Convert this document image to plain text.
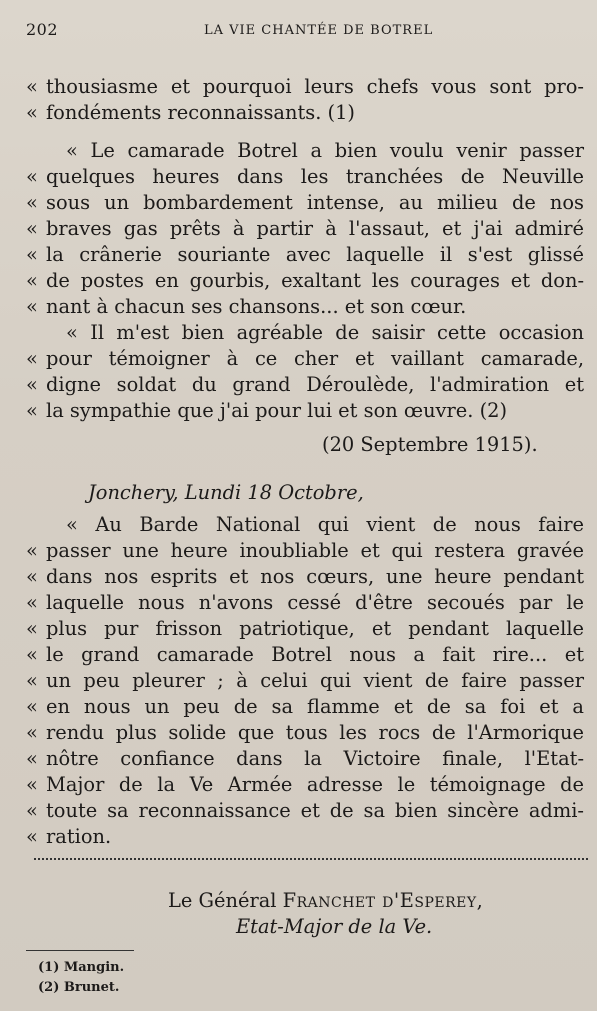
202	LA VIE CHANTÉE DE BOTREL
« thousiasme et pourquoi leurs chefs vous sont pro-
« fondéments reconnaissants. (1)
« Le camarade Botrel a bien voulu venir passer
« quelques heures dans les tranchées de Neuville
« sous un bombardement intense, au milieu de nos
« braves gas prêts à partir à l'assaut, et j'ai admiré
« la crânerie souriante avec laquelle il s'est glissé
« de postes en gourbis, exaltant les courages et don-
« nant à chacun ses chansons... et son cœur.
« Il m'est bien agréable de saisir cette occasion
« pour témoigner à ce cher et vaillant camarade,
« digne soldat du grand Déroulède, l'admiration et
« la sympathie que j'ai pour lui et son œuvre. (2)
(20 Septembre 1915).
Jonchery, Lundi 18 Octobre,
« Au Barde National qui vient de nous faire
« passer une heure inoubliable et qui restera gravée
« dans nos esprits et nos cœurs, une heure pendant
« laquelle nous n'avons cessé d'être secoués par le
« plus pur frisson patriotique, et pendant laquelle
« le grand camarade Botrel nous a fait rire... et
« un peu pleurer ; à celui qui vient de faire passer
« en nous un peu de sa flamme et de sa foi et a
« rendu plus solide que tous les rocs de l'Armorique
« nôtre confiance dans la Victoire finale, l'Etat-
« Major de la Ve Armée adresse le témoignage de
« toute sa reconnaissance et de sa bien sincère admi-
« ration.
Le Général Franchet d'Esperey,
Etat-Major de la Ve.
(1) Mangin.
(2) Brunet.
